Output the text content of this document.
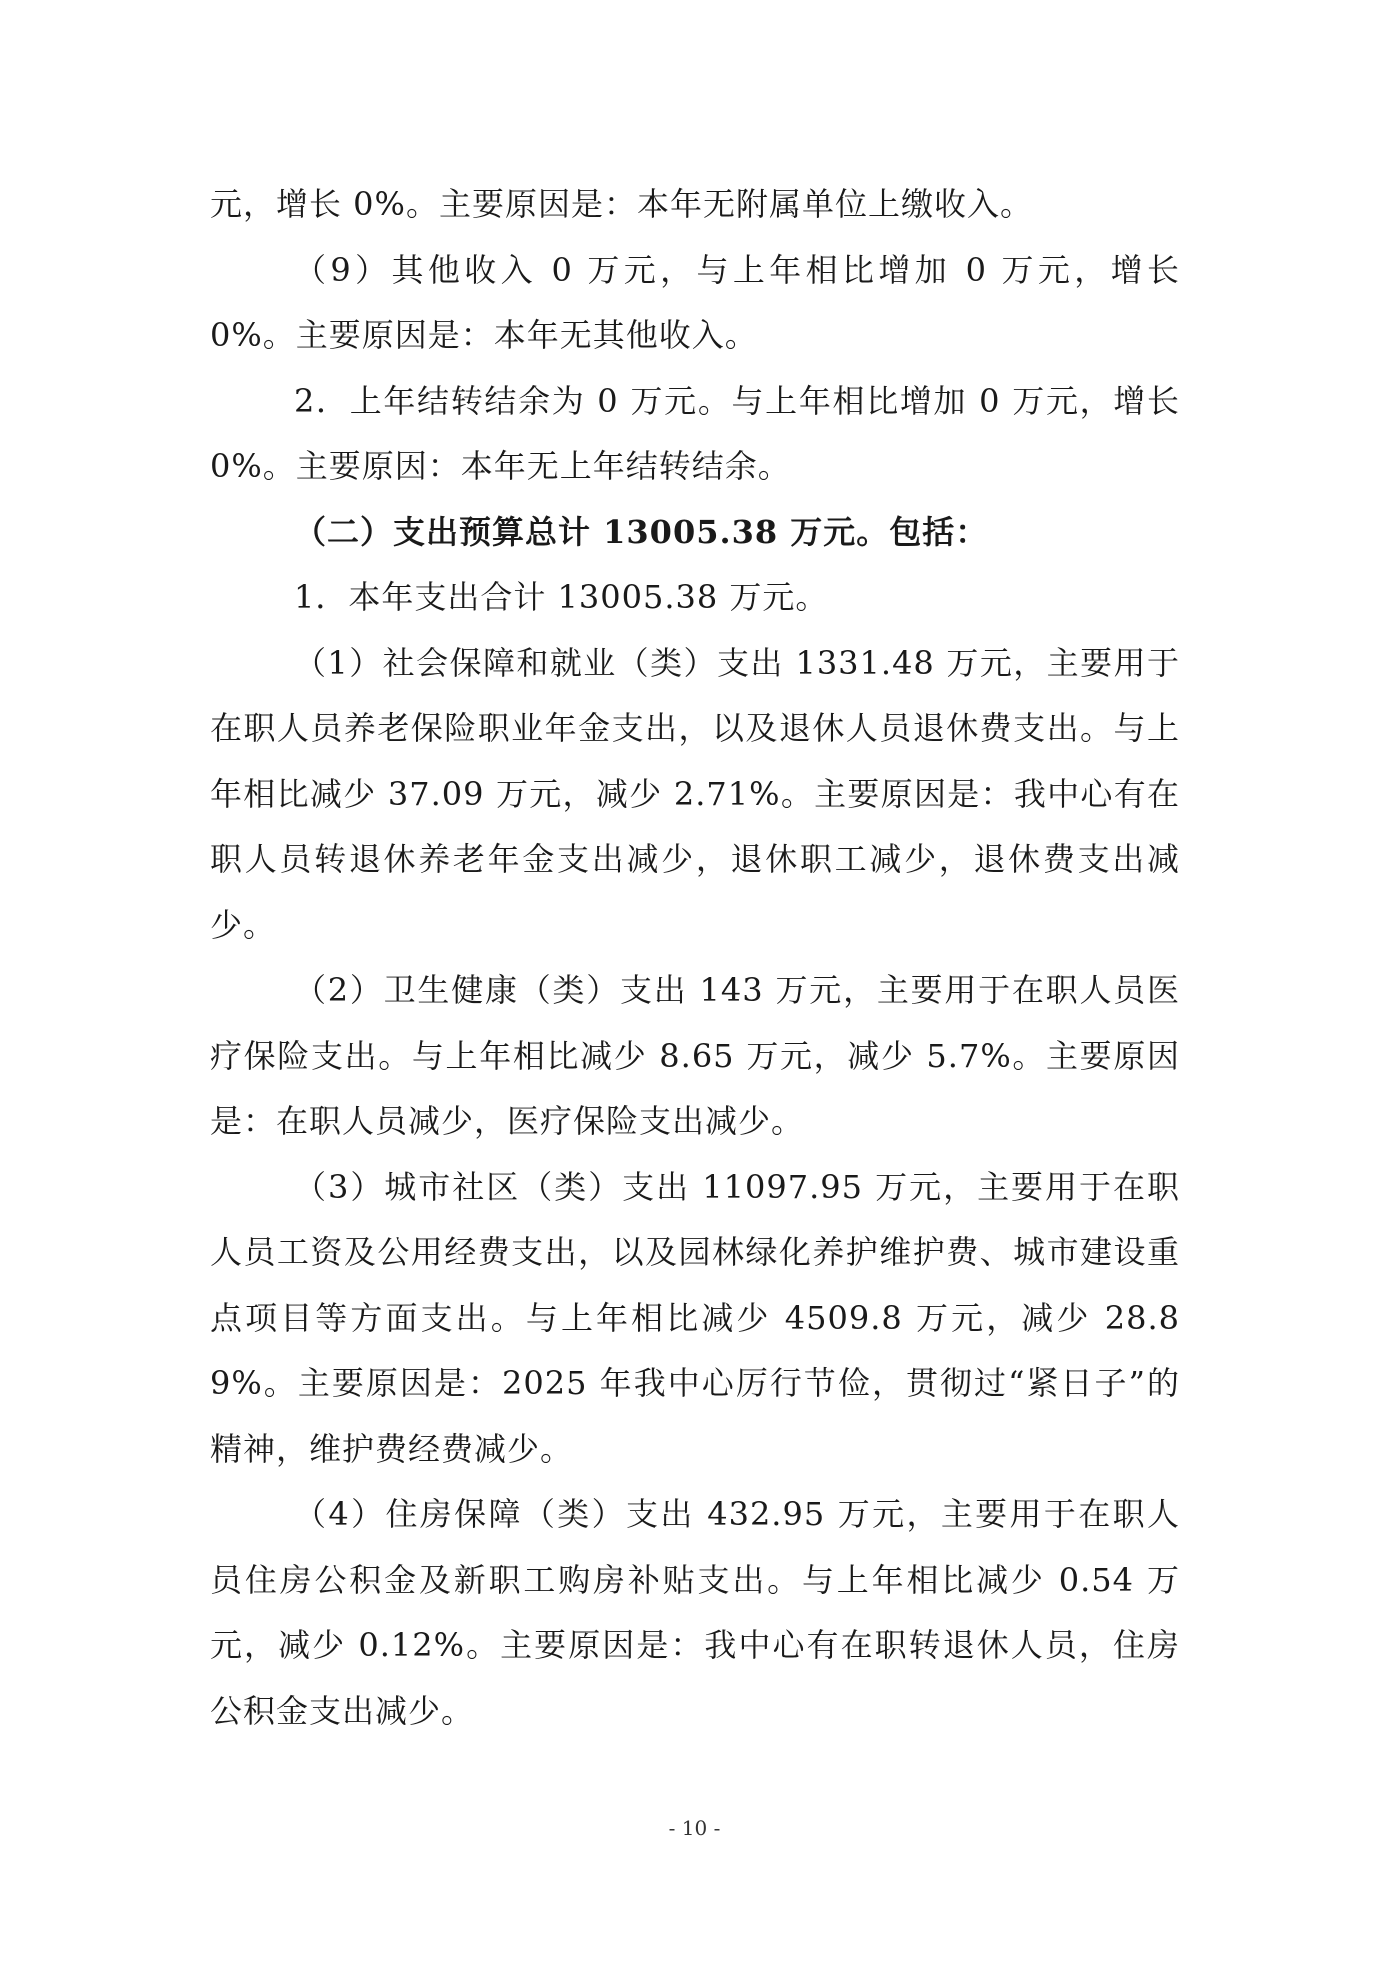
元，增长 0%。主要原因是：本年无附属单位上缴收入。

（9）其他收入 0 万元，与上年相比增加 0 万元，增长 0%。主要原因是：本年无其他收入。

2．上年结转结余为 0 万元。与上年相比增加 0 万元，增长 0%。主要原因：本年无上年结转结余。

（二）支出预算总计 13005.38 万元。包括：

1．本年支出合计 13005.38 万元。

（1）社会保障和就业（类）支出 1331.48 万元，主要用于在职人员养老保险职业年金支出，以及退休人员退休费支出。与上年相比减少 37.09 万元，减少 2.71%。主要原因是：我中心有在职人员转退休养老年金支出减少，退休职工减少，退休费支出减少。

（2）卫生健康（类）支出 143 万元，主要用于在职人员医疗保险支出。与上年相比减少 8.65 万元，减少 5.7%。主要原因是：在职人员减少，医疗保险支出减少。

（3）城市社区（类）支出 11097.95 万元，主要用于在职人员工资及公用经费支出，以及园林绿化养护维护费、城市建设重点项目等方面支出。与上年相比减少 4509.8 万元，减少 28.89%。主要原因是：2025 年我中心厉行节俭，贯彻过“紧日子”的精神，维护费经费减少。

（4）住房保障（类）支出 432.95 万元，主要用于在职人员住房公积金及新职工购房补贴支出。与上年相比减少 0.54 万元，减少 0.12%。主要原因是：我中心有在职转退休人员，住房公积金支出减少。

- 10 -
